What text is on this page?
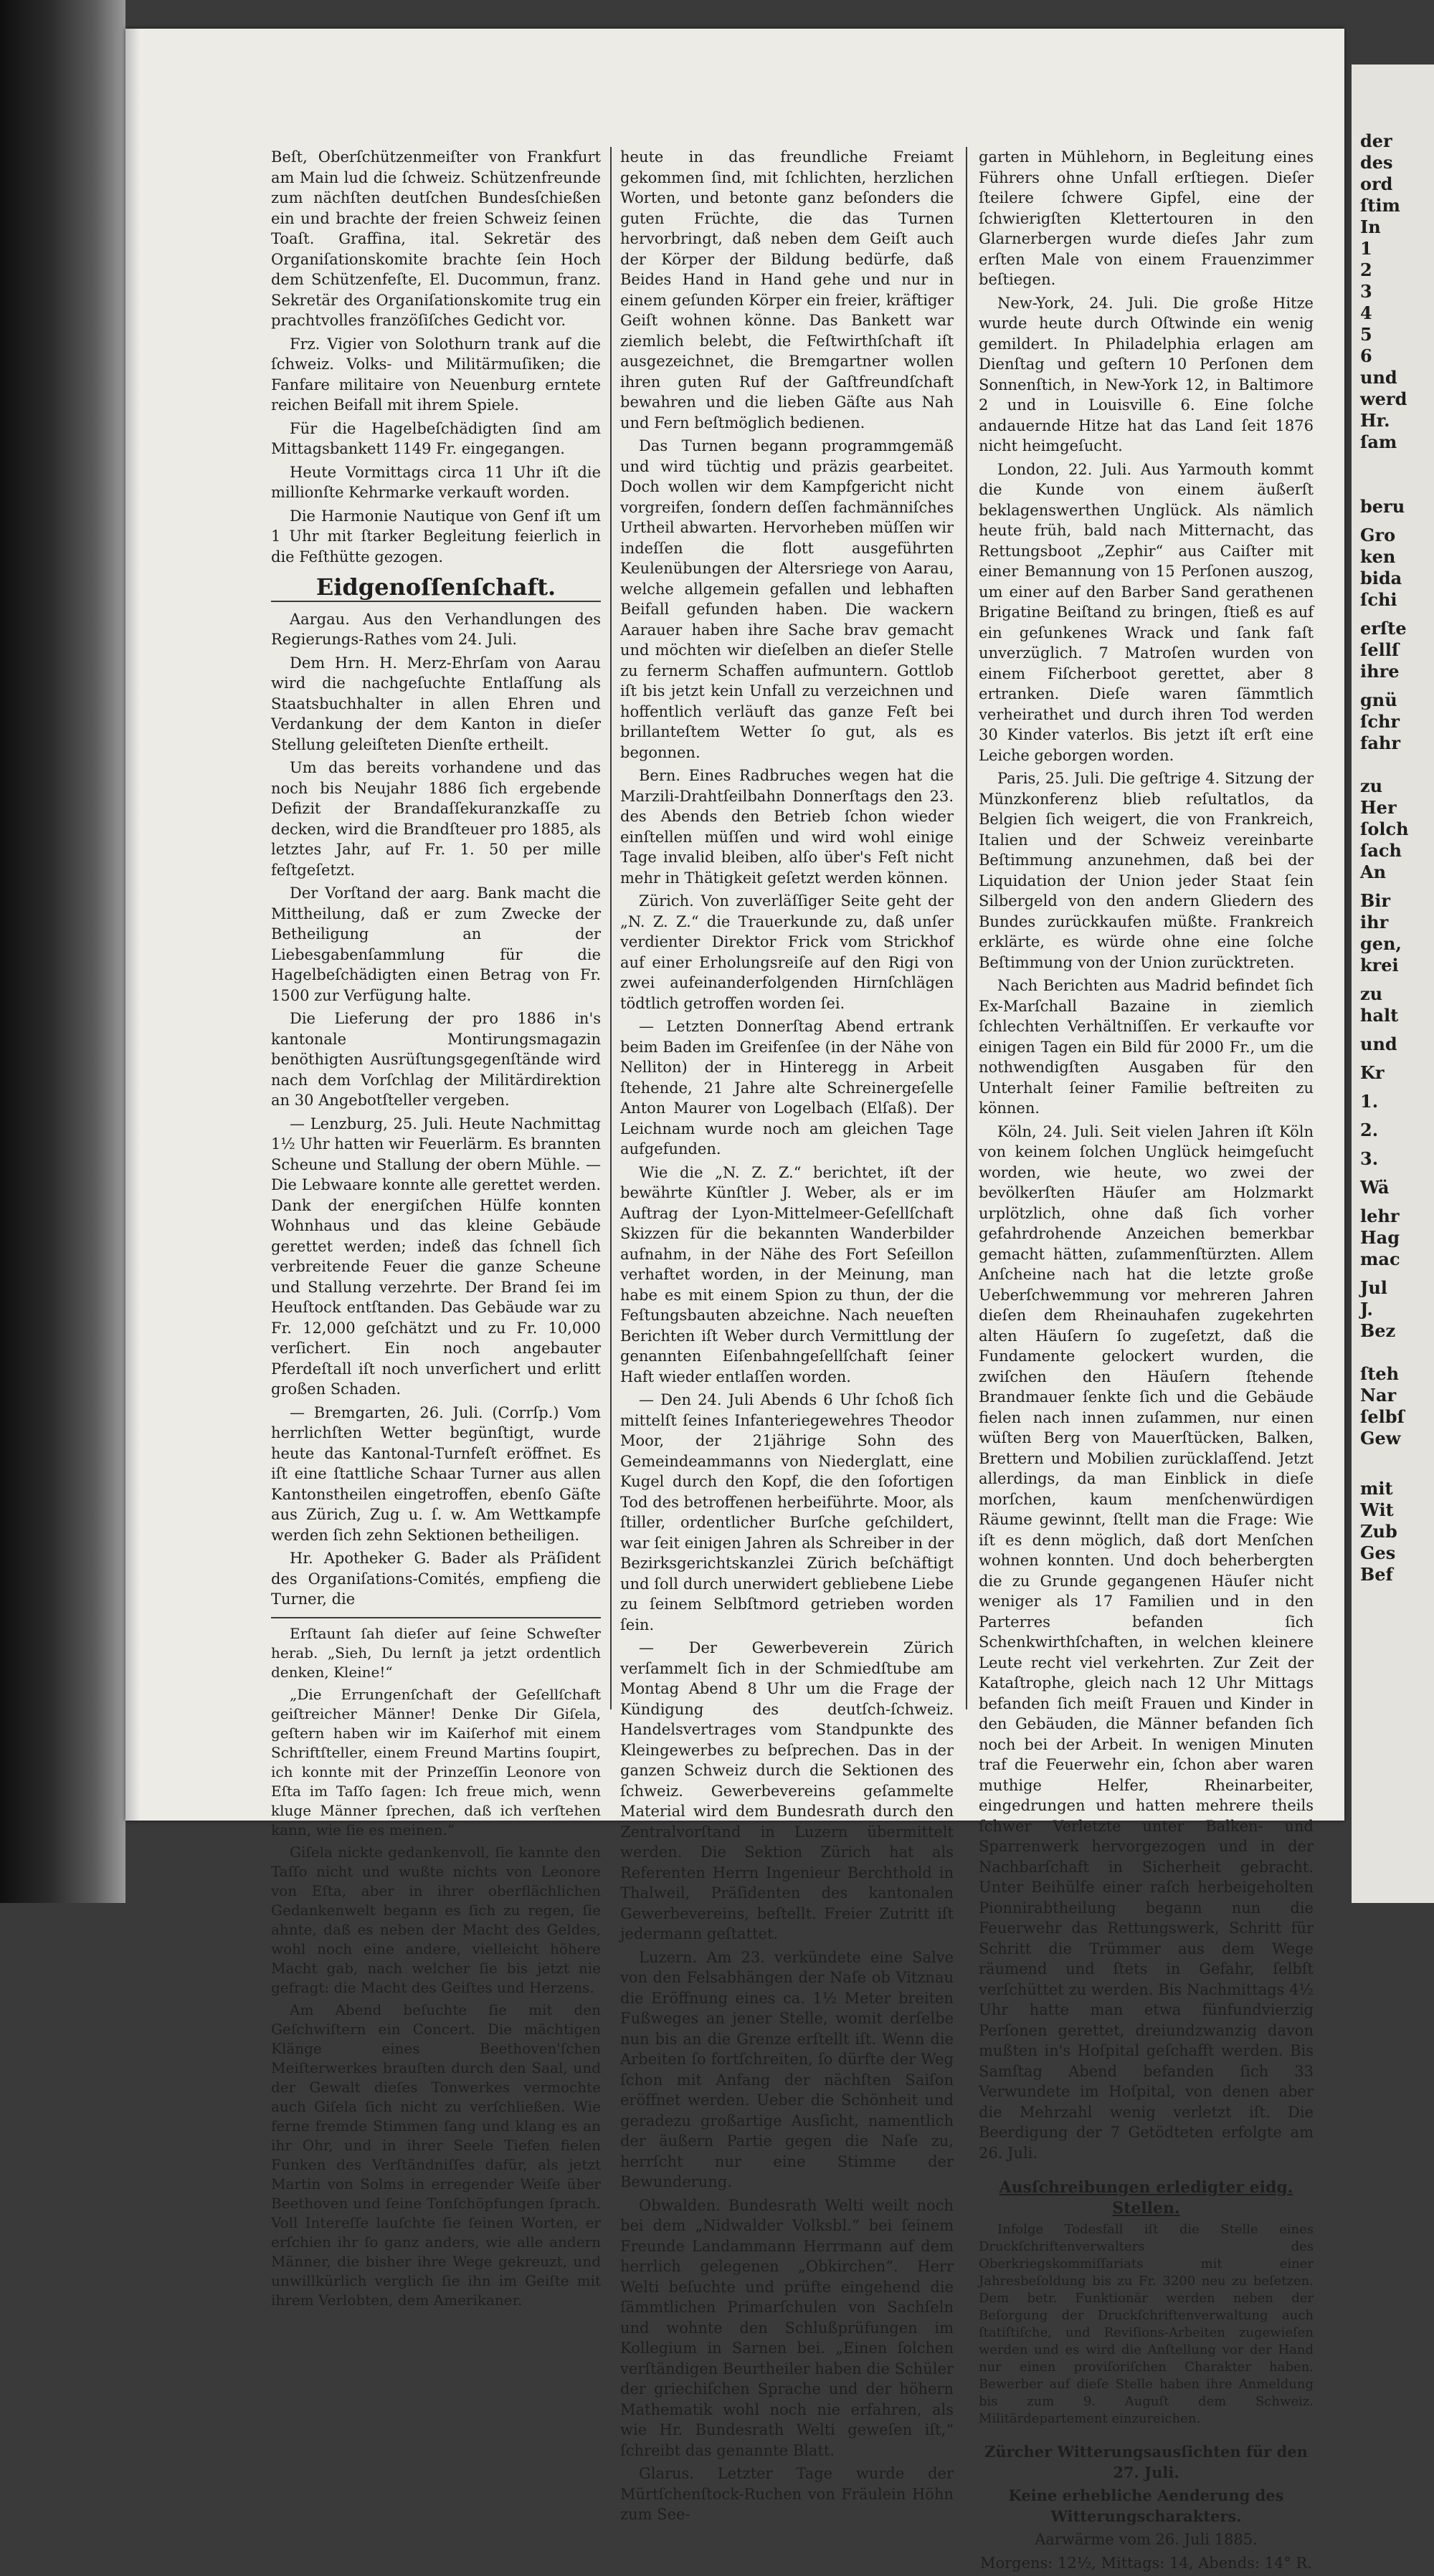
Beſt, Oberſchützenmeiſter von Frankfurt am Main lud die ſchweiz. Schützenfreunde zum nächſten deutſchen Bundesſchießen ein und brachte der freien Schweiz ſeinen Toaſt. Graffina, ital. Sekretär des Organiſationskomite brachte ſein Hoch dem Schützenfeſte, El. Ducommun, franz. Sekretär des Organiſationskomite trug ein prachtvolles franzöſiſches Gedicht vor.

Frz. Vigier von Solothurn trank auf die ſchweiz. Volks- und Militärmuſiken; die Fanfare militaire von Neuenburg erntete reichen Beifall mit ihrem Spiele.

Für die Hagelbeſchädigten ſind am Mittagsbankett 1149 Fr. eingegangen.

Heute Vormittags circa 11 Uhr iſt die millionſte Kehrmarke verkauft worden.

Die Harmonie Nautique von Genf iſt um 1 Uhr mit ſtarker Begleitung feierlich in die Feſthütte gezogen.

Eidgenoſſenſchaft.

Aargau. Aus den Verhandlungen des Regierungs-Rathes vom 24. Juli.

Dem Hrn. H. Merz-Ehrſam von Aarau wird die nachgeſuchte Entlaſſung als Staatsbuchhalter in allen Ehren und Verdankung der dem Kanton in dieſer Stellung geleiſteten Dienſte ertheilt.

Um das bereits vorhandene und das noch bis Neujahr 1886 ſich ergebende Defizit der Brandaſſekuranzkaſſe zu decken, wird die Brandſteuer pro 1885, als letztes Jahr, auf Fr. 1. 50 per mille feſtgeſetzt.

Der Vorſtand der aarg. Bank macht die Mittheilung, daß er zum Zwecke der Betheiligung an der Liebesgabenſammlung für die Hagelbeſchädigten einen Betrag von Fr. 1500 zur Verfügung halte.

Die Lieferung der pro 1886 in's kantonale Montirungsmagazin benöthigten Ausrüſtungsgegenſtände wird nach dem Vorſchlag der Militärdirektion an 30 Angebotſteller vergeben.

— Lenzburg, 25. Juli. Heute Nachmittag 1½ Uhr hatten wir Feuerlärm. Es brannten Scheune und Stallung der obern Mühle. — Die Lebwaare konnte alle gerettet werden. Dank der energiſchen Hülfe konnten Wohnhaus und das kleine Gebäude gerettet werden; indeß das ſchnell ſich verbreitende Feuer die ganze Scheune und Stallung verzehrte. Der Brand ſei im Heuſtock entſtanden. Das Gebäude war zu Fr. 12,000 geſchätzt und zu Fr. 10,000 verſichert. Ein noch angebauter Pferdeſtall iſt noch unverſichert und erlitt großen Schaden.

— Bremgarten, 26. Juli. (Corrſp.) Vom herrlichſten Wetter begünſtigt, wurde heute das Kantonal-Turnfeſt eröffnet. Es iſt eine ſtattliche Schaar Turner aus allen Kantonstheilen eingetroffen, ebenſo Gäſte aus Zürich, Zug u. ſ. w. Am Wettkampfe werden ſich zehn Sektionen betheiligen.

Hr. Apotheker G. Bader als Präſident des Organiſations-Comités, empfieng die Turner, die

Erſtaunt ſah dieſer auf ſeine Schweſter herab. „Sieh, Du lernſt ja jetzt ordentlich denken, Kleine!“

„Die Errungenſchaft der Geſellſchaft geiſtreicher Männer! Denke Dir Giſela, geſtern haben wir im Kaiſerhof mit einem Schriftſteller, einem Freund Martins ſoupirt, ich konnte mit der Prinzeſſin Leonore von Eſta im Taſſo ſagen: Ich freue mich, wenn kluge Männer ſprechen, daß ich verſtehen kann, wie ſie es meinen.“

Giſela nickte gedankenvoll, ſie kannte den Taſſo nicht und wußte nichts von Leonore von Eſta, aber in ihrer oberflächlichen Gedankenwelt begann es ſich zu regen, ſie ahnte, daß es neben der Macht des Geldes, wohl noch eine andere, vielleicht höhere Macht gab, nach welcher ſie bis jetzt nie gefragt: die Macht des Geiſtes und Herzens.

Am Abend beſuchte ſie mit den Geſchwiſtern ein Concert. Die mächtigen Klänge eines Beethoven'ſchen Meiſterwerkes brauſten durch den Saal, und der Gewalt dieſes Tonwerkes vermochte auch Giſela ſich nicht zu verſchließen. Wie ferne fremde Stimmen ſang und klang es an ihr Ohr, und in ihrer Seele Tiefen fielen Funken des Verſtändniſſes dafür, als jetzt Martin von Solms in erregender Weiſe über Beethoven und ſeine Tonſchöpfungen ſprach. Voll Intereſſe lauſchte ſie ſeinen Worten, er erſchien ihr ſo ganz anders, wie alle andern Männer, die bisher ihre Wege gekreuzt, und unwillkürlich verglich ſie ihn im Geiſte mit ihrem Verlobten, dem Amerikaner.

heute in das freundliche Freiamt gekommen ſind, mit ſchlichten, herzlichen Worten, und betonte ganz beſonders die guten Früchte, die das Turnen hervorbringt, daß neben dem Geiſt auch der Körper der Bildung bedürfe, daß Beides Hand in Hand gehe und nur in einem geſunden Körper ein freier, kräftiger Geiſt wohnen könne. Das Bankett war ziemlich belebt, die Feſtwirthſchaft iſt ausgezeichnet, die Bremgartner wollen ihren guten Ruf der Gaſtfreundſchaft bewahren und die lieben Gäſte aus Nah und Fern beſtmöglich bedienen.

Das Turnen begann programmgemäß und wird tüchtig und präzis gearbeitet. Doch wollen wir dem Kampfgericht nicht vorgreifen, ſondern deſſen fachmänniſches Urtheil abwarten. Hervorheben müſſen wir indeſſen die flott ausgeführten Keulenübungen der Altersriege von Aarau, welche allgemein gefallen und lebhaften Beifall gefunden haben. Die wackern Aarauer haben ihre Sache brav gemacht und möchten wir dieſelben an dieſer Stelle zu fernerm Schaffen aufmuntern. Gottlob iſt bis jetzt kein Unfall zu verzeichnen und hoffentlich verläuft das ganze Feſt bei brillanteſtem Wetter ſo gut, als es begonnen.

Bern. Eines Radbruches wegen hat die Marzili-Drahtſeilbahn Donnerſtags den 23. des Abends den Betrieb ſchon wieder einſtellen müſſen und wird wohl einige Tage invalid bleiben, alſo über's Feſt nicht mehr in Thätigkeit geſetzt werden können.

Zürich. Von zuverläſſiger Seite geht der „N. Z. Z.“ die Trauerkunde zu, daß unſer verdienter Direktor Frick vom Strickhof auf einer Erholungsreiſe auf den Rigi von zwei aufeinanderfolgenden Hirnſchlägen tödtlich getroffen worden ſei.

— Letzten Donnerſtag Abend ertrank beim Baden im Greifenſee (in der Nähe von Nelliton) der in Hinteregg in Arbeit ſtehende, 21 Jahre alte Schreinergeſelle Anton Maurer von Logelbach (Elſaß). Der Leichnam wurde noch am gleichen Tage aufgefunden.

Wie die „N. Z. Z.“ berichtet, iſt der bewährte Künſtler J. Weber, als er im Auftrag der Lyon-Mittelmeer-Geſellſchaft Skizzen für die bekannten Wanderbilder aufnahm, in der Nähe des Fort Seſeillon verhaftet worden, in der Meinung, man habe es mit einem Spion zu thun, der die Feſtungsbauten abzeichne. Nach neueſten Berichten iſt Weber durch Vermittlung der genannten Eiſenbahngeſellſchaft ſeiner Haft wieder entlaſſen worden.

— Den 24. Juli Abends 6 Uhr ſchoß ſich mittelſt ſeines Infanteriegewehres Theodor Moor, der 21jährige Sohn des Gemeindeammanns von Niederglatt, eine Kugel durch den Kopf, die den ſofortigen Tod des betroffenen herbeiführte. Moor, als ſtiller, ordentlicher Burſche geſchildert, war ſeit einigen Jahren als Schreiber in der Bezirksgerichtskanzlei Zürich beſchäftigt und ſoll durch unerwidert gebliebene Liebe zu ſeinem Selbſtmord getrieben worden ſein.

— Der Gewerbeverein Zürich verſammelt ſich in der Schmiedſtube am Montag Abend 8 Uhr um die Frage der Kündigung des deutſch-ſchweiz. Handelsvertrages vom Standpunkte des Kleingewerbes zu beſprechen. Das in der ganzen Schweiz durch die Sektionen des ſchweiz. Gewerbevereins geſammelte Material wird dem Bundesrath durch den Zentralvorſtand in Luzern übermittelt werden. Die Sektion Zürich hat als Referenten Herrn Ingenieur Berchthold in Thalweil, Präſidenten des kantonalen Gewerbevereins, beſtellt. Freier Zutritt iſt jedermann geſtattet.

Luzern. Am 23. verkündete eine Salve von den Felsabhängen der Naſe ob Vitznau die Eröffnung eines ca. 1½ Meter breiten Fußweges an jener Stelle, womit derſelbe nun bis an die Grenze erſtellt iſt. Wenn die Arbeiten ſo fortſchreiten, ſo dürfte der Weg ſchon mit Anfang der nächſten Saiſon eröffnet werden. Ueber die Schönheit und geradezu großartige Ausſicht, namentlich der äußern Partie gegen die Naſe zu, herrſcht nur eine Stimme der Bewunderung.

Obwalden. Bundesrath Welti weilt noch bei dem „Nidwalder Volksbl.“ bei ſeinem Freunde Landammann Herrmann auf dem herrlich gelegenen „Obkirchen“. Herr Welti beſuchte und prüfte eingehend die ſämmtlichen Primarſchulen von Sachſeln und wohnte den Schlußprüfungen im Kollegium in Sarnen bei. „Einen ſolchen verſtändigen Beurtheiler haben die Schüler der griechiſchen Sprache und der höhern Mathematik wohl noch nie erfahren, als wie Hr. Bundesrath Welti geweſen iſt,“ ſchreibt das genannte Blatt.

Glarus. Letzter Tage wurde der Mürtſchenſtock-Ruchen von Fräulein Höhn zum See-

garten in Mühlehorn, in Begleitung eines Führers ohne Unfall erſtiegen. Dieſer ſteilere ſchwere Gipfel, eine der ſchwierigſten Klettertouren in den Glarnerbergen wurde dieſes Jahr zum erſten Male von einem Frauenzimmer beſtiegen.

New-York, 24. Juli. Die große Hitze wurde heute durch Oſtwinde ein wenig gemildert. In Philadelphia erlagen am Dienſtag und geſtern 10 Perſonen dem Sonnenſtich, in New-York 12, in Baltimore 2 und in Louisville 6. Eine ſolche andauernde Hitze hat das Land ſeit 1876 nicht heimgeſucht.

London, 22. Juli. Aus Yarmouth kommt die Kunde von einem äußerſt beklagenswerthen Unglück. Als nämlich heute früh, bald nach Mitternacht, das Rettungsboot „Zephir“ aus Caiſter mit einer Bemannung von 15 Perſonen auszog, um einer auf den Barber Sand gerathenen Brigatine Beiſtand zu bringen, ſtieß es auf ein geſunkenes Wrack und ſank faſt unverzüglich. 7 Matroſen wurden von einem Fiſcherboot gerettet, aber 8 ertranken. Dieſe waren ſämmtlich verheirathet und durch ihren Tod werden 30 Kinder vaterlos. Bis jetzt iſt erſt eine Leiche geborgen worden.

Paris, 25. Juli. Die geſtrige 4. Sitzung der Münzkonferenz blieb reſultatlos, da Belgien ſich weigert, die von Frankreich, Italien und der Schweiz vereinbarte Beſtimmung anzunehmen, daß bei der Liquidation der Union jeder Staat ſein Silbergeld von den andern Gliedern des Bundes zurückkaufen müßte. Frankreich erklärte, es würde ohne eine ſolche Beſtimmung von der Union zurücktreten.

Nach Berichten aus Madrid befindet ſich Ex-Marſchall Bazaine in ziemlich ſchlechten Verhältniſſen. Er verkaufte vor einigen Tagen ein Bild für 2000 Fr., um die nothwendigſten Ausgaben für den Unterhalt ſeiner Familie beſtreiten zu können.

Köln, 24. Juli. Seit vielen Jahren iſt Köln von keinem ſolchen Unglück heimgeſucht worden, wie heute, wo zwei der bevölkerſten Häuſer am Holzmarkt urplötzlich, ohne daß ſich vorher gefahrdrohende Anzeichen bemerkbar gemacht hätten, zuſammenſtürzten. Allem Anſcheine nach hat die letzte große Ueberſchwemmung vor mehreren Jahren dieſen dem Rheinauhafen zugekehrten alten Häuſern ſo zugeſetzt, daß die Fundamente gelockert wurden, die zwiſchen den Häuſern ſtehende Brandmauer ſenkte ſich und die Gebäude fielen nach innen zuſammen, nur einen wüſten Berg von Mauerſtücken, Balken, Brettern und Mobilien zurücklaſſend. Jetzt allerdings, da man Einblick in dieſe morſchen, kaum menſchenwürdigen Räume gewinnt, ſtellt man die Frage: Wie iſt es denn möglich, daß dort Menſchen wohnen konnten. Und doch beherbergten die zu Grunde gegangenen Häuſer nicht weniger als 17 Familien und in den Parterres befanden ſich Schenkwirthſchaften, in welchen kleinere Leute recht viel verkehrten. Zur Zeit der Kataſtrophe, gleich nach 12 Uhr Mittags befanden ſich meiſt Frauen und Kinder in den Gebäuden, die Männer befanden ſich noch bei der Arbeit. In wenigen Minuten traf die Feuerwehr ein, ſchon aber waren muthige Helfer, Rheinarbeiter, eingedrungen und hatten mehrere theils ſchwer Verletzte unter Balken- und Sparrenwerk hervorgezogen und in der Nachbarſchaft in Sicherheit gebracht. Unter Beihülfe einer raſch herbeigeholten Pionnirabtheilung begann nun die Feuerwehr das Rettungswerk, Schritt für Schritt die Trümmer aus dem Wege räumend und ſtets in Gefahr, ſelbſt verſchüttet zu werden. Bis Nachmittags 4½ Uhr hatte man etwa fünfundvierzig Perſonen gerettet, dreiundzwanzig davon mußten in's Hoſpital geſchafft werden. Bis Samſtag Abend befanden ſich 33 Verwundete im Hoſpital, von denen aber die Mehrzahl wenig verletzt iſt. Die Beerdigung der 7 Getödteten erfolgte am 26. Juli.

Ausſchreibungen erledigter eidg. Stellen.

Infolge Todesfall iſt die Stelle eines Druckſchriftenverwalters des Oberkriegskommiſſariats mit einer Jahresbeſoldung bis zu Fr. 3200 neu zu beſetzen. Dem betr. Funktionär werden neben der Beſorgung der Druckſchriftenverwaltung auch ſtatiſtiſche, und Reviſions-Arbeiten zugewieſen werden und es wird die Anſtellung vor der Hand nur einen proviſoriſchen Charakter haben. Bewerber auf dieſe Stelle haben ihre Anmeldung bis zum 9. Auguſt dem Schweiz. Militärdepartement einzureichen.

Zürcher Witterungsausſichten für den 27. Juli.

Keine erhebliche Aenderung des Witterungscharakters.

Aarwärme vom 26. Juli 1885.

Morgens: 12½, Mittags: 14, Abends: 14° R.

der
des
ord
ſtim
In
1
2
3
4
5
6
und
werd
Hr.
ſam
beru
Gro
ken
bida
ſchi
erſte
ſellſ
ihre
gnü
ſchr
fahr
zu
Her
ſolch
ſach
An
Bir
ihr
gen,
krei
zu
halt
und
Kr
1.
2.
3.
Wä
lehr
Hag
mac
Jul
J.
Bez
ſteh
Nar
ſelbſ
Gew
mit
Wit
Zub
Ges
Bef
